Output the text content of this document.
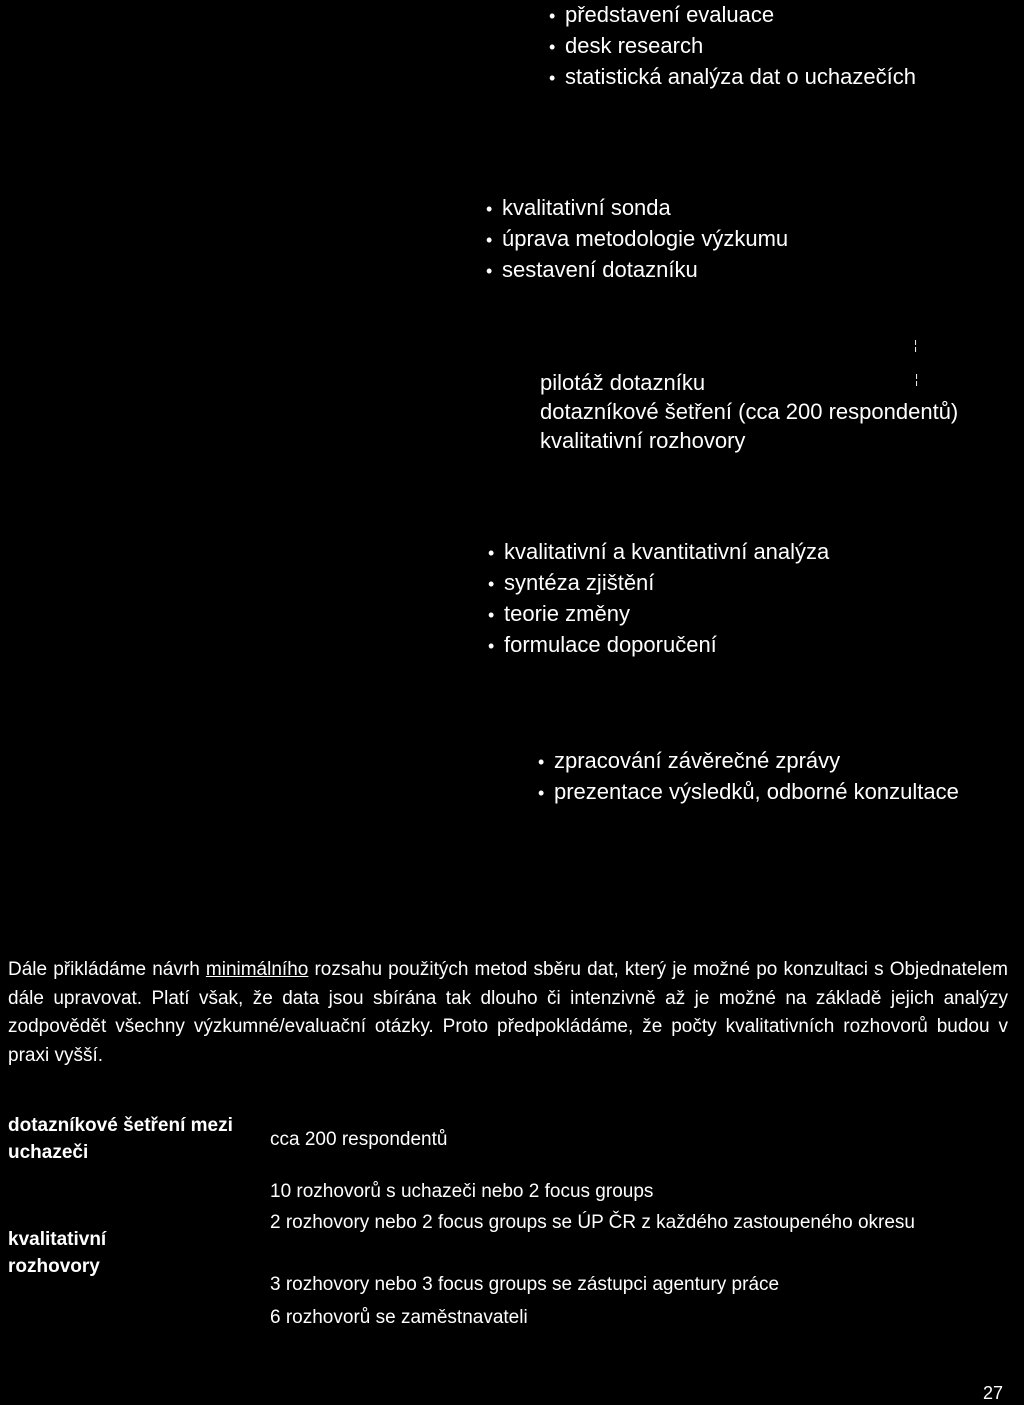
• představení evaluace
• desk research
• statistická analýza dat o uchazečích
• kvalitativní sonda
• úprava metodologie výzkumu
• sestavení dotazníku
pilotáž dotazníku
dotazníkové šetření (cca 200 respondentů)
kvalitativní rozhovory
╎
╎
• kvalitativní a kvantitativní analýza
• syntéza zjištění
• teorie změny
• formulace doporučení
• zpracování závěrečné zprávy
• prezentace výsledků, odborné konzultace

Dále přikládáme návrh minimálního rozsahu použitých metod sběru dat, který je možné po konzultaci s Objednatelem dále upravovat. Platí však, že data jsou sbírána tak dlouho či intenzivně až je možné na základě jejich analýzy zodpovědět všechny výzkumné/evaluační otázky. Proto předpokládáme, že počty kvalitativních rozhovorů budou v praxi vyšší.

dotazníkové šetření mezi uchazeči

cca 200 respondentů

kvalitativní rozhovory

10 rozhovorů s uchazeči nebo 2 focus groups

2 rozhovory nebo 2 focus groups se ÚP ČR z každého zastoupeného okresu

3 rozhovory nebo 3 focus groups se zástupci agentury práce

6 rozhovorů se zaměstnavateli

27
